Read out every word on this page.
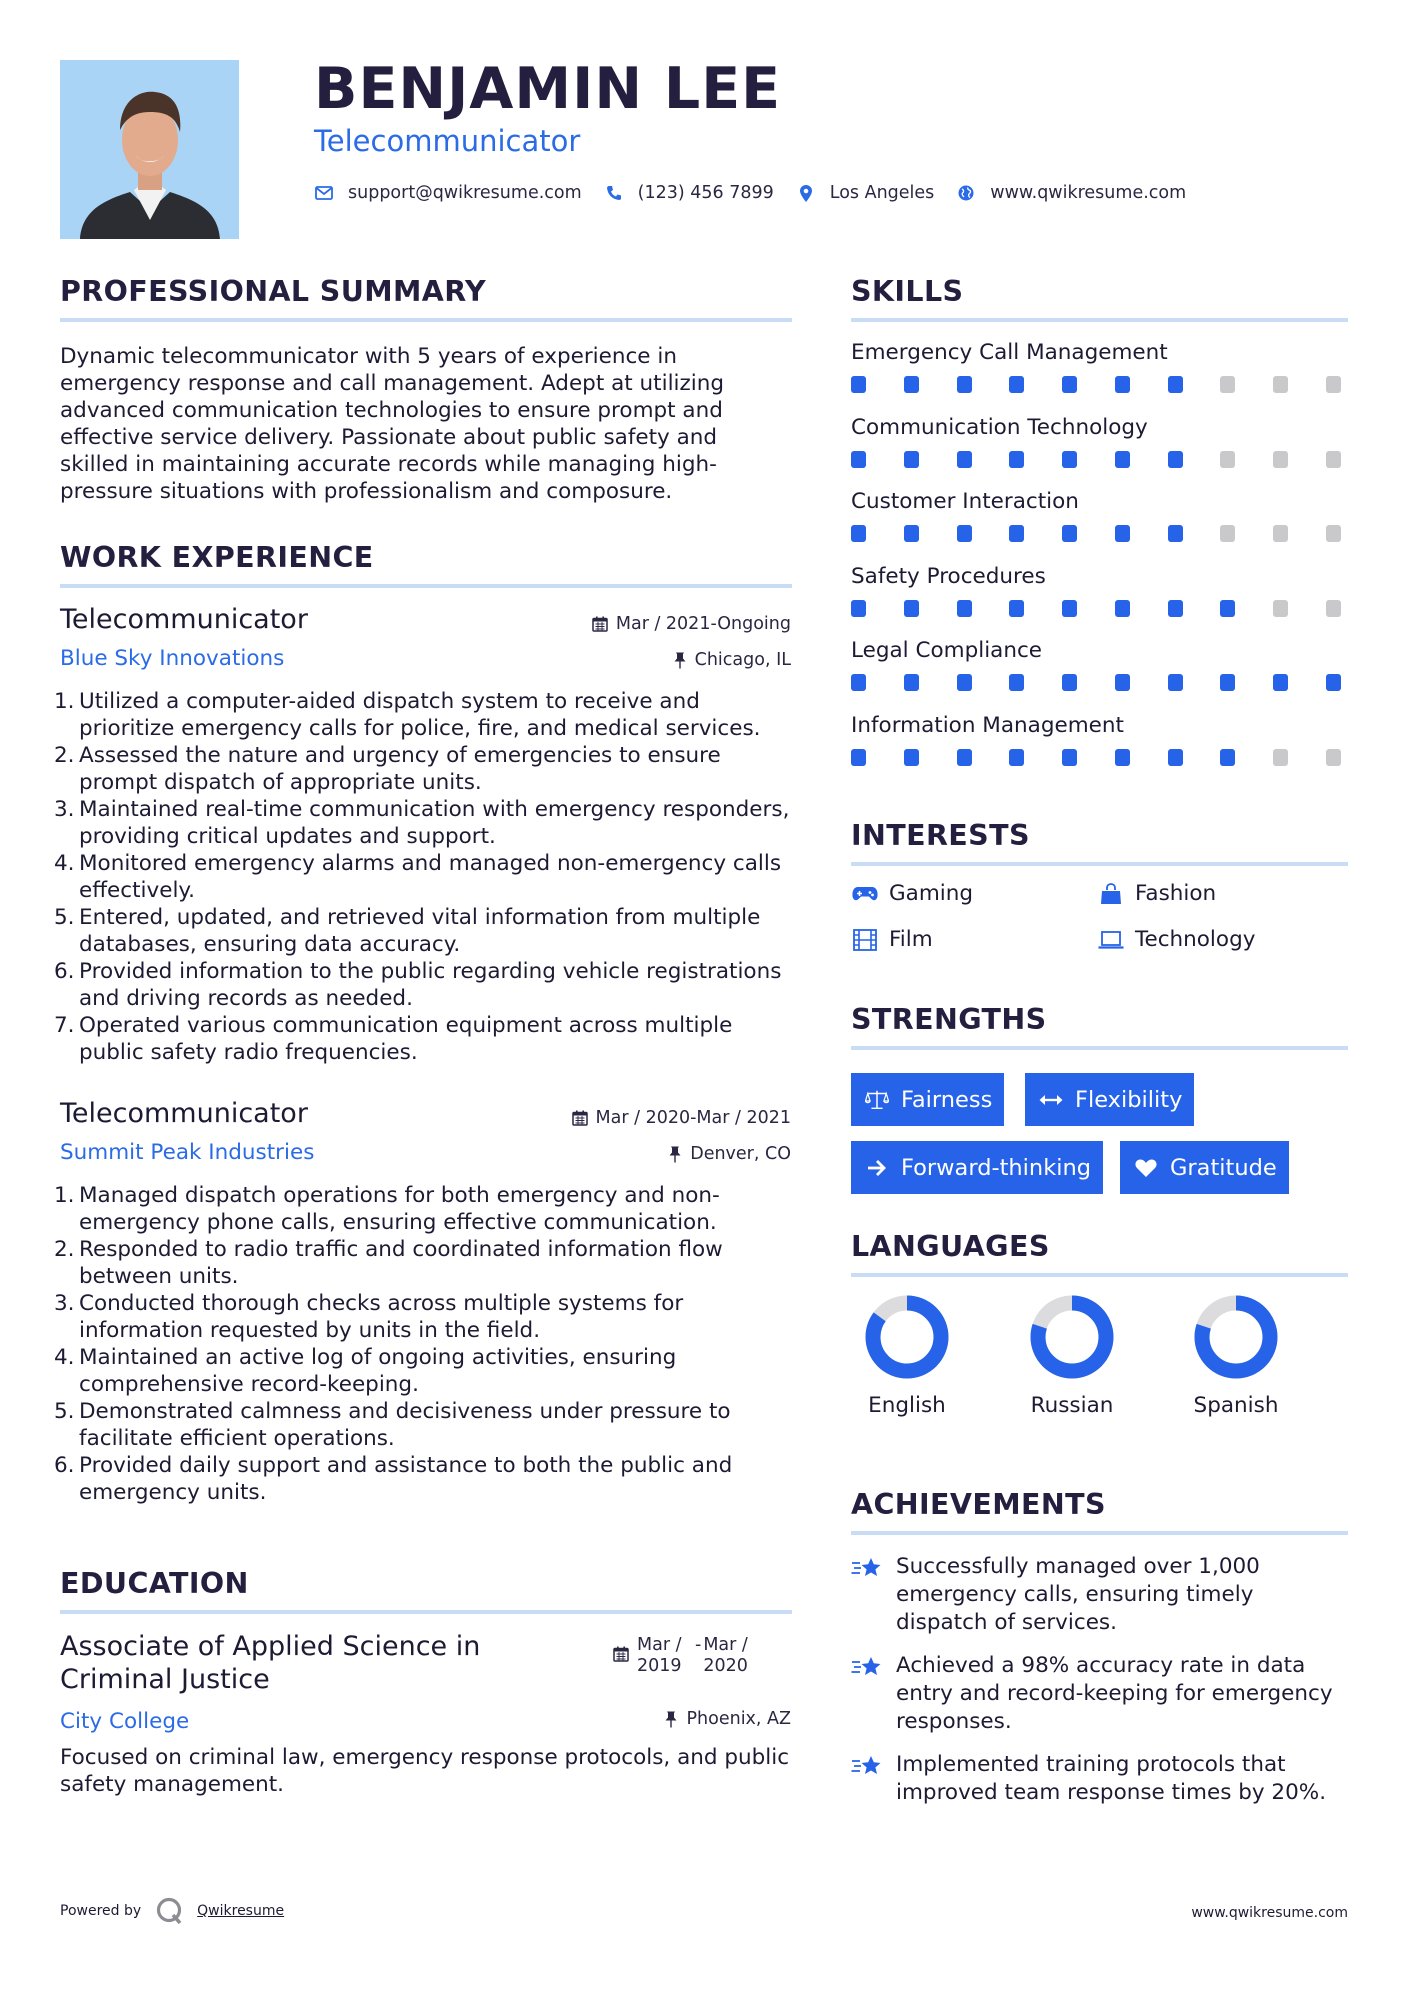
BENJAMIN LEE
Telecommunicator
support@qwikresume.com	(123) 456 7899	Los Angeles	www.qwikresume.com
PROFESSIONAL SUMMARY
Dynamic telecommunicator with 5 years of experience in emergency response and call management. Adept at utilizing advanced communication technologies to ensure prompt and effective service delivery. Passionate about public safety and skilled in maintaining accurate records while managing high-pressure situations with professionalism and composure.
WORK EXPERIENCE
Telecommunicator	Mar / 2021-Ongoing
Blue Sky Innovations	Chicago, IL
1. Utilized a computer-aided dispatch system to receive and prioritize emergency calls for police, fire, and medical services.
2. Assessed the nature and urgency of emergencies to ensure prompt dispatch of appropriate units.
3. Maintained real-time communication with emergency responders, providing critical updates and support.
4. Monitored emergency alarms and managed non-emergency calls effectively.
5. Entered, updated, and retrieved vital information from multiple databases, ensuring data accuracy.
6. Provided information to the public regarding vehicle registrations and driving records as needed.
7. Operated various communication equipment across multiple public safety radio frequencies.
Telecommunicator	Mar / 2020-Mar / 2021
Summit Peak Industries	Denver, CO
1. Managed dispatch operations for both emergency and non-emergency phone calls, ensuring effective communication.
2. Responded to radio traffic and coordinated information flow between units.
3. Conducted thorough checks across multiple systems for information requested by units in the field.
4. Maintained an active log of ongoing activities, ensuring comprehensive record-keeping.
5. Demonstrated calmness and decisiveness under pressure to facilitate efficient operations.
6. Provided daily support and assistance to both the public and emergency units.
EDUCATION
Associate of Applied Science in Criminal Justice
Mar / 2019
- Mar / 2020
City College	Phoenix, AZ
Focused on criminal law, emergency response protocols, and public safety management.
SKILLS
Emergency Call Management
Communication Technology
Customer Interaction
Safety Procedures
Legal Compliance
Information Management
INTERESTS
Gaming	Fashion
Film	Technology
STRENGTHS
Fairness	Flexibility
Forward-thinking	Gratitude
LANGUAGES
English	Russian	Spanish
ACHIEVEMENTS
Successfully managed over 1,000 emergency calls, ensuring timely dispatch of services.
Achieved a 98% accuracy rate in data entry and record-keeping for emergency responses.
Implemented training protocols that improved team response times by 20%.
Powered by	Qwikresume	www.qwikresume.com
